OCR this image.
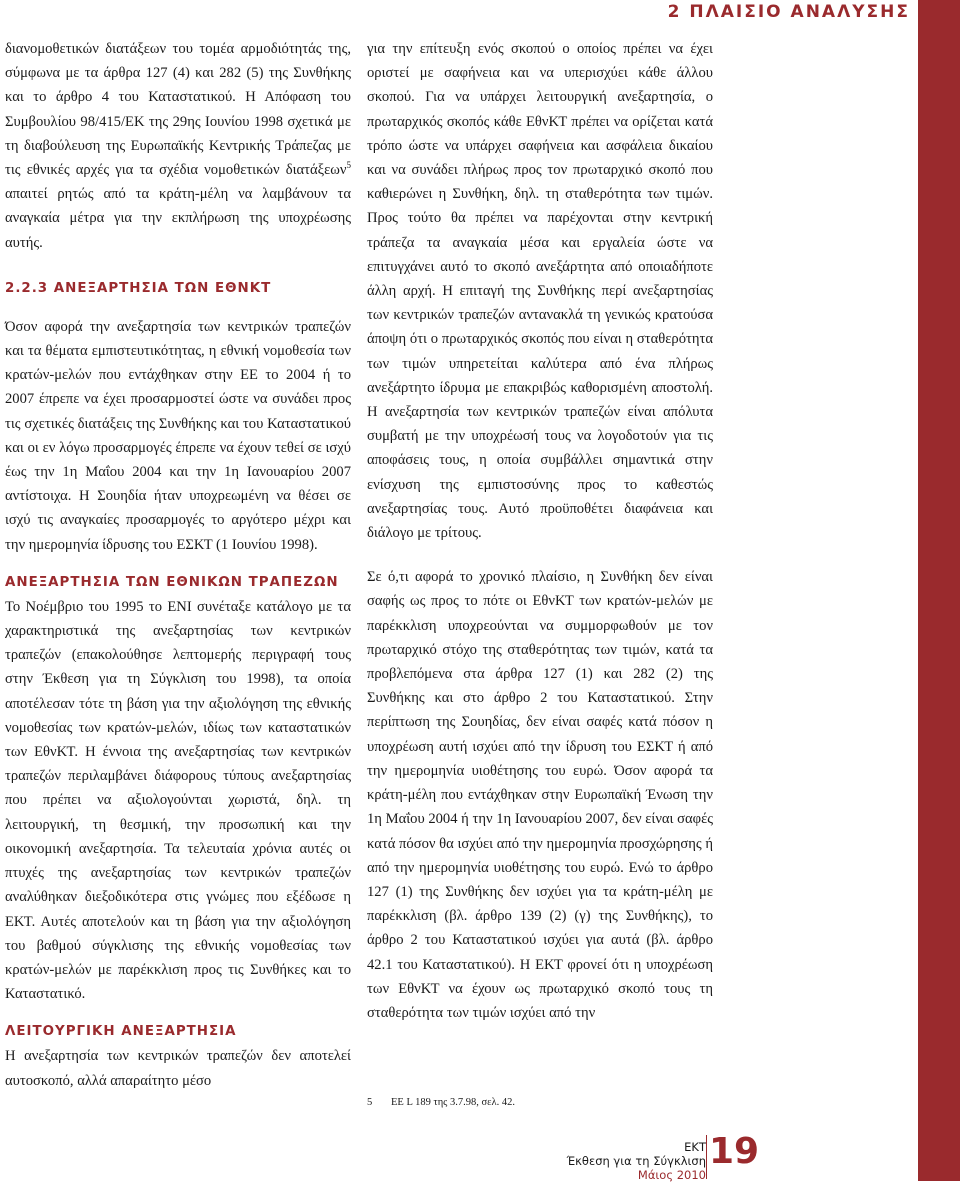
2 ΠΛΑΙΣΙΟ ΑΝΑΛΥΣΗΣ

διανομοθετικών διατάξεων του τομέα αρμοδιότητάς της, σύμφωνα με τα άρθρα 127 (4) και 282 (5) της Συνθήκης και το άρθρο 4 του Καταστατικού. Η Απόφαση του Συμβουλίου 98/415/ΕΚ της 29ης Ιουνίου 1998 σχετικά με τη διαβούλευση της Ευρωπαϊκής Κεντρικής Τράπεζας με τις εθνικές αρχές για τα σχέδια νομοθετικών διατάξεων$^5$ απαιτεί ρητώς από τα κράτη-μέλη να λαμβάνουν τα αναγκαία μέτρα για την εκπλήρωση της υποχρέωσης αυτής.

2.2.3 ΑΝΕΞΑΡΤΗΣΙΑ ΤΩΝ ΕΘΝΚΤ

Όσον αφορά την ανεξαρτησία των κεντρικών τραπεζών και τα θέματα εμπιστευτικότητας, η εθνική νομοθεσία των κρατών-μελών που εντάχθηκαν στην ΕΕ το 2004 ή το 2007 έπρεπε να έχει προσαρμοστεί ώστε να συνάδει προς τις σχετικές διατάξεις της Συνθήκης και του Καταστατικού και οι εν λόγω προσαρμογές έπρεπε να έχουν τεθεί σε ισχύ έως την 1η Μαΐου 2004 και την 1η Ιανουαρίου 2007 αντίστοιχα. Η Σουηδία ήταν υποχρεωμένη να θέσει σε ισχύ τις αναγκαίες προσαρμογές το αργότερο μέχρι και την ημερομηνία ίδρυσης του ΕΣΚΤ (1 Ιουνίου 1998).

ΑΝΕΞΑΡΤΗΣΙΑ ΤΩΝ ΕΘΝΙΚΩΝ ΤΡΑΠΕΖΩΝ

Το Νοέμβριο του 1995 το ΕΝΙ συνέταξε κατάλογο με τα χαρακτηριστικά της ανεξαρτησίας των κεντρικών τραπεζών (επακολούθησε λεπτομερής περιγραφή τους στην Έκθεση για τη Σύγκλιση του 1998), τα οποία αποτέλεσαν τότε τη βάση για την αξιολόγηση της εθνικής νομοθεσίας των κρατών-μελών, ιδίως των καταστατικών των ΕθνΚΤ. Η έννοια της ανεξαρτησίας των κεντρικών τραπεζών περιλαμβάνει διάφορους τύπους ανεξαρτησίας που πρέπει να αξιολογούνται χωριστά, δηλ. τη λειτουργική, τη θεσμική, την προσωπική και την οικονομική ανεξαρτησία. Τα τελευταία χρόνια αυτές οι πτυχές της ανεξαρτησίας των κεντρικών τραπεζών αναλύθηκαν διεξοδικότερα στις γνώμες που εξέδωσε η ΕΚΤ. Αυτές αποτελούν και τη βάση για την αξιολόγηση του βαθμού σύγκλισης της εθνικής νομοθεσίας των κρατών-μελών με παρέκκλιση προς τις Συνθήκες και το Καταστατικό.

ΛΕΙΤΟΥΡΓΙΚΗ ΑΝΕΞΑΡΤΗΣΙΑ

Η ανεξαρτησία των κεντρικών τραπεζών δεν αποτελεί αυτοσκοπό, αλλά απαραίτητο μέσο

για την επίτευξη ενός σκοπού ο οποίος πρέπει να έχει οριστεί με σαφήνεια και να υπερισχύει κάθε άλλου σκοπού. Για να υπάρχει λειτουργική ανεξαρτησία, ο πρωταρχικός σκοπός κάθε ΕθνΚΤ πρέπει να ορίζεται κατά τρόπο ώστε να υπάρχει σαφήνεια και ασφάλεια δικαίου και να συνάδει πλήρως προς τον πρωταρχικό σκοπό που καθιερώνει η Συνθήκη, δηλ. τη σταθερότητα των τιμών. Προς τούτο θα πρέπει να παρέχονται στην κεντρική τράπεζα τα αναγκαία μέσα και εργαλεία ώστε να επιτυγχάνει αυτό το σκοπό ανεξάρτητα από οποιαδήποτε άλλη αρχή. Η επιταγή της Συνθήκης περί ανεξαρτησίας των κεντρικών τραπεζών αντανακλά τη γενικώς κρατούσα άποψη ότι ο πρωταρχικός σκοπός που είναι η σταθερότητα των τιμών υπηρετείται καλύτερα από ένα πλήρως ανεξάρτητο ίδρυμα με επακριβώς καθορισμένη αποστολή. Η ανεξαρτησία των κεντρικών τραπεζών είναι απόλυτα συμβατή με την υποχρέωσή τους να λογοδοτούν για τις αποφάσεις τους, η οποία συμβάλλει σημαντικά στην ενίσχυση της εμπιστοσύνης προς το καθεστώς ανεξαρτησίας τους. Αυτό προϋποθέτει διαφάνεια και διάλογο με τρίτους.

Σε ό,τι αφορά το χρονικό πλαίσιο, η Συνθήκη δεν είναι σαφής ως προς το πότε οι ΕθνΚΤ των κρατών-μελών με παρέκκλιση υποχρεούνται να συμμορφωθούν με τον πρωταρχικό στόχο της σταθερότητας των τιμών, κατά τα προβλεπόμενα στα άρθρα 127 (1) και 282 (2) της Συνθήκης και στο άρθρο 2 του Καταστατικού. Στην περίπτωση της Σουηδίας, δεν είναι σαφές κατά πόσον η υποχρέωση αυτή ισχύει από την ίδρυση του ΕΣΚΤ ή από την ημερομηνία υιοθέτησης του ευρώ. Όσον αφορά τα κράτη-μέλη που εντάχθηκαν στην Ευρωπαϊκή Ένωση την 1η Μαΐου 2004 ή την 1η Ιανουαρίου 2007, δεν είναι σαφές κατά πόσον θα ισχύει από την ημερομηνία προσχώρησης ή από την ημερομηνία υιοθέτησης του ευρώ. Ενώ το άρθρο 127 (1) της Συνθήκης δεν ισχύει για τα κράτη-μέλη με παρέκκλιση (βλ. άρθρο 139 (2) (γ) της Συνθήκης), το άρθρο 2 του Καταστατικού ισχύει για αυτά (βλ. άρθρο 42.1 του Καταστατικού). Η ΕΚΤ φρονεί ότι η υποχρέωση των ΕθνΚΤ να έχουν ως πρωταρχικό σκοπό τους τη σταθερότητα των τιμών ισχύει από την

5 ΕΕ L 189 της 3.7.98, σελ. 42.
ΕΚΤ
Έκθεση για τη Σύγκλιση
Μάιος 2010
19
